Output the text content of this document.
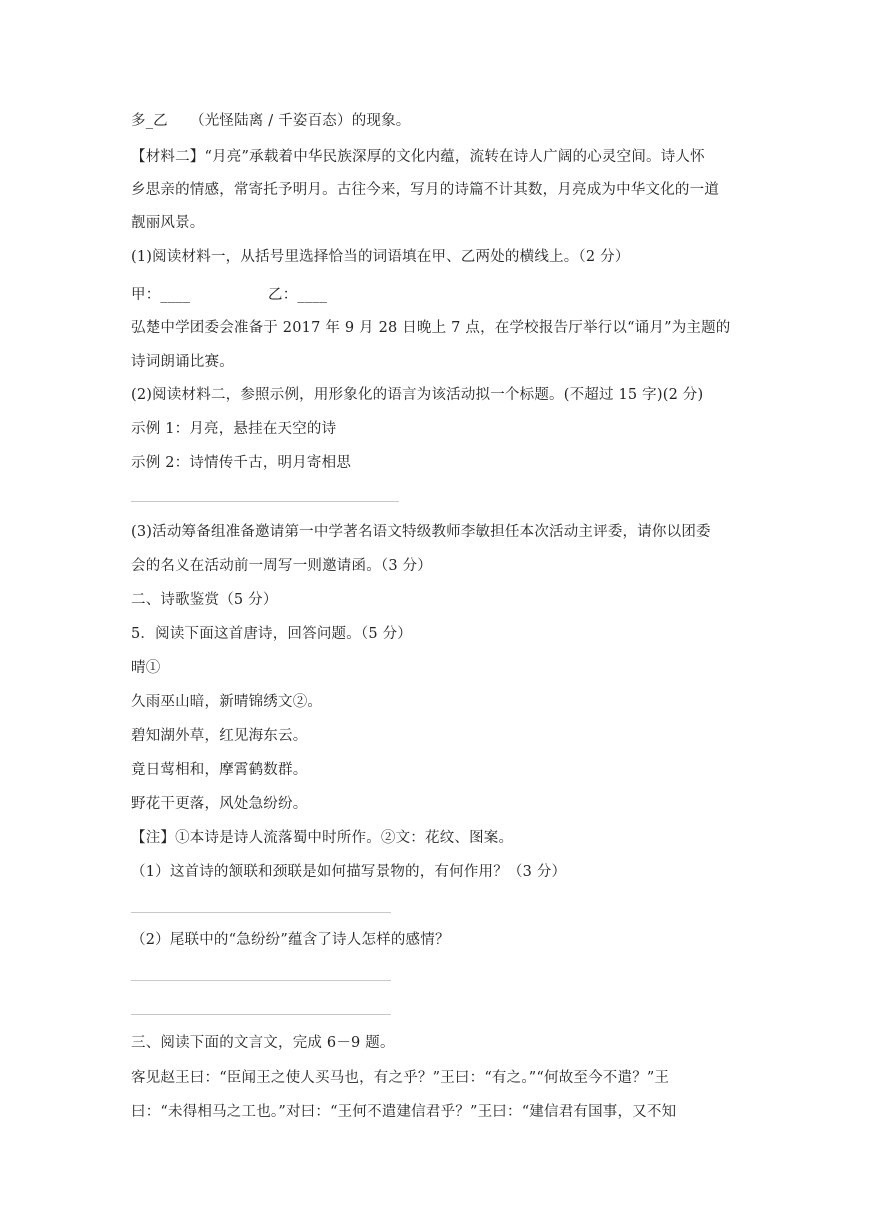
多_乙　　（光怪陆离 / 千姿百态）的现象。
【材料二】“月亮”承载着中华民族深厚的文化内蕴，流转在诗人广阔的心灵空间。诗人怀
乡思亲的情感，常寄托予明月。古往今来，写月的诗篇不计其数，月亮成为中华文化的一道
靓丽风景。
(1)阅读材料一，从括号里选择恰当的词语填在甲、乙两处的横线上。（2 分）
甲：____	乙：____
弘楚中学团委会准备于 2017 年 9 月 28 日晚上 7 点，在学校报告厅举行以“诵月”为主题的
诗词朗诵比赛。
(2)阅读材料二，参照示例，用形象化的语言为该活动拟一个标题。(不超过 15 字)(2 分)
示例 1：月亮，悬挂在天空的诗
示例 2：诗情传千古，明月寄相思
(3)活动筹备组准备邀请第一中学著名语文特级教师李敏担任本次活动主评委，请你以团委
会的名义在活动前一周写一则邀请函。（3 分）
二、诗歌鉴赏（5 分）
5．阅读下面这首唐诗，回答问题。（5 分）
晴①
久雨巫山暗，新晴锦绣文②。
碧知湖外草，红见海东云。
竟日莺相和，摩霄鹤数群。
野花干更落，风处急纷纷。
【注】①本诗是诗人流落蜀中时所作。②文：花纹、图案。
（1）这首诗的颔联和颈联是如何描写景物的，有何作用？（3 分）
（2）尾联中的“急纷纷”蕴含了诗人怎样的感情？
三、阅读下面的文言文，完成 6－9 题。
客见赵王曰：“臣闻王之使人买马也，有之乎？”王曰：“有之。”“何故至今不遣？”王
曰：“未得相马之工也。”对曰：“王何不遣建信君乎？”王曰：“建信君有国事，又不知
